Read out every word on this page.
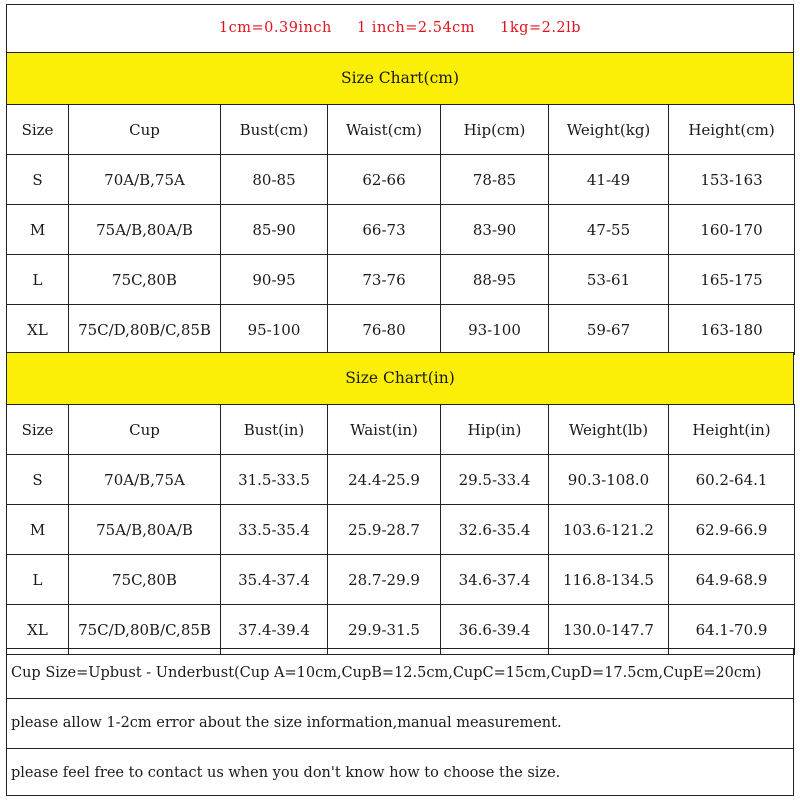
1cm=0.39inch 1 inch=2.54cm 1kg=2.2lb
Size Chart(cm)
Size	Cup	Bust(cm)	Waist(cm)	Hip(cm)	Weight(kg)	Height(cm)
S	70A/B,75A	80-85	62-66	78-85	41-49	153-163
M	75A/B,80A/B	85-90	66-73	83-90	47-55	160-170
L	75C,80B	90-95	73-76	88-95	53-61	165-175
XL	75C/D,80B/C,85B	95-100	76-80	93-100	59-67	163-180
Size Chart(in)
Size	Cup	Bust(in)	Waist(in)	Hip(in)	Weight(lb)	Height(in)
S	70A/B,75A	31.5-33.5	24.4-25.9	29.5-33.4	90.3-108.0	60.2-64.1
M	75A/B,80A/B	33.5-35.4	25.9-28.7	32.6-35.4	103.6-121.2	62.9-66.9
L	75C,80B	35.4-37.4	28.7-29.9	34.6-37.4	116.8-134.5	64.9-68.9
XL	75C/D,80B/C,85B	37.4-39.4	29.9-31.5	36.6-39.4	130.0-147.7	64.1-70.9
Cup Size=Upbust - Underbust(Cup A=10cm,CupB=12.5cm,CupC=15cm,CupD=17.5cm,CupE=20cm)
please allow 1-2cm error about the size information,manual measurement.
please feel free to contact us when you don't know how to choose the size.
